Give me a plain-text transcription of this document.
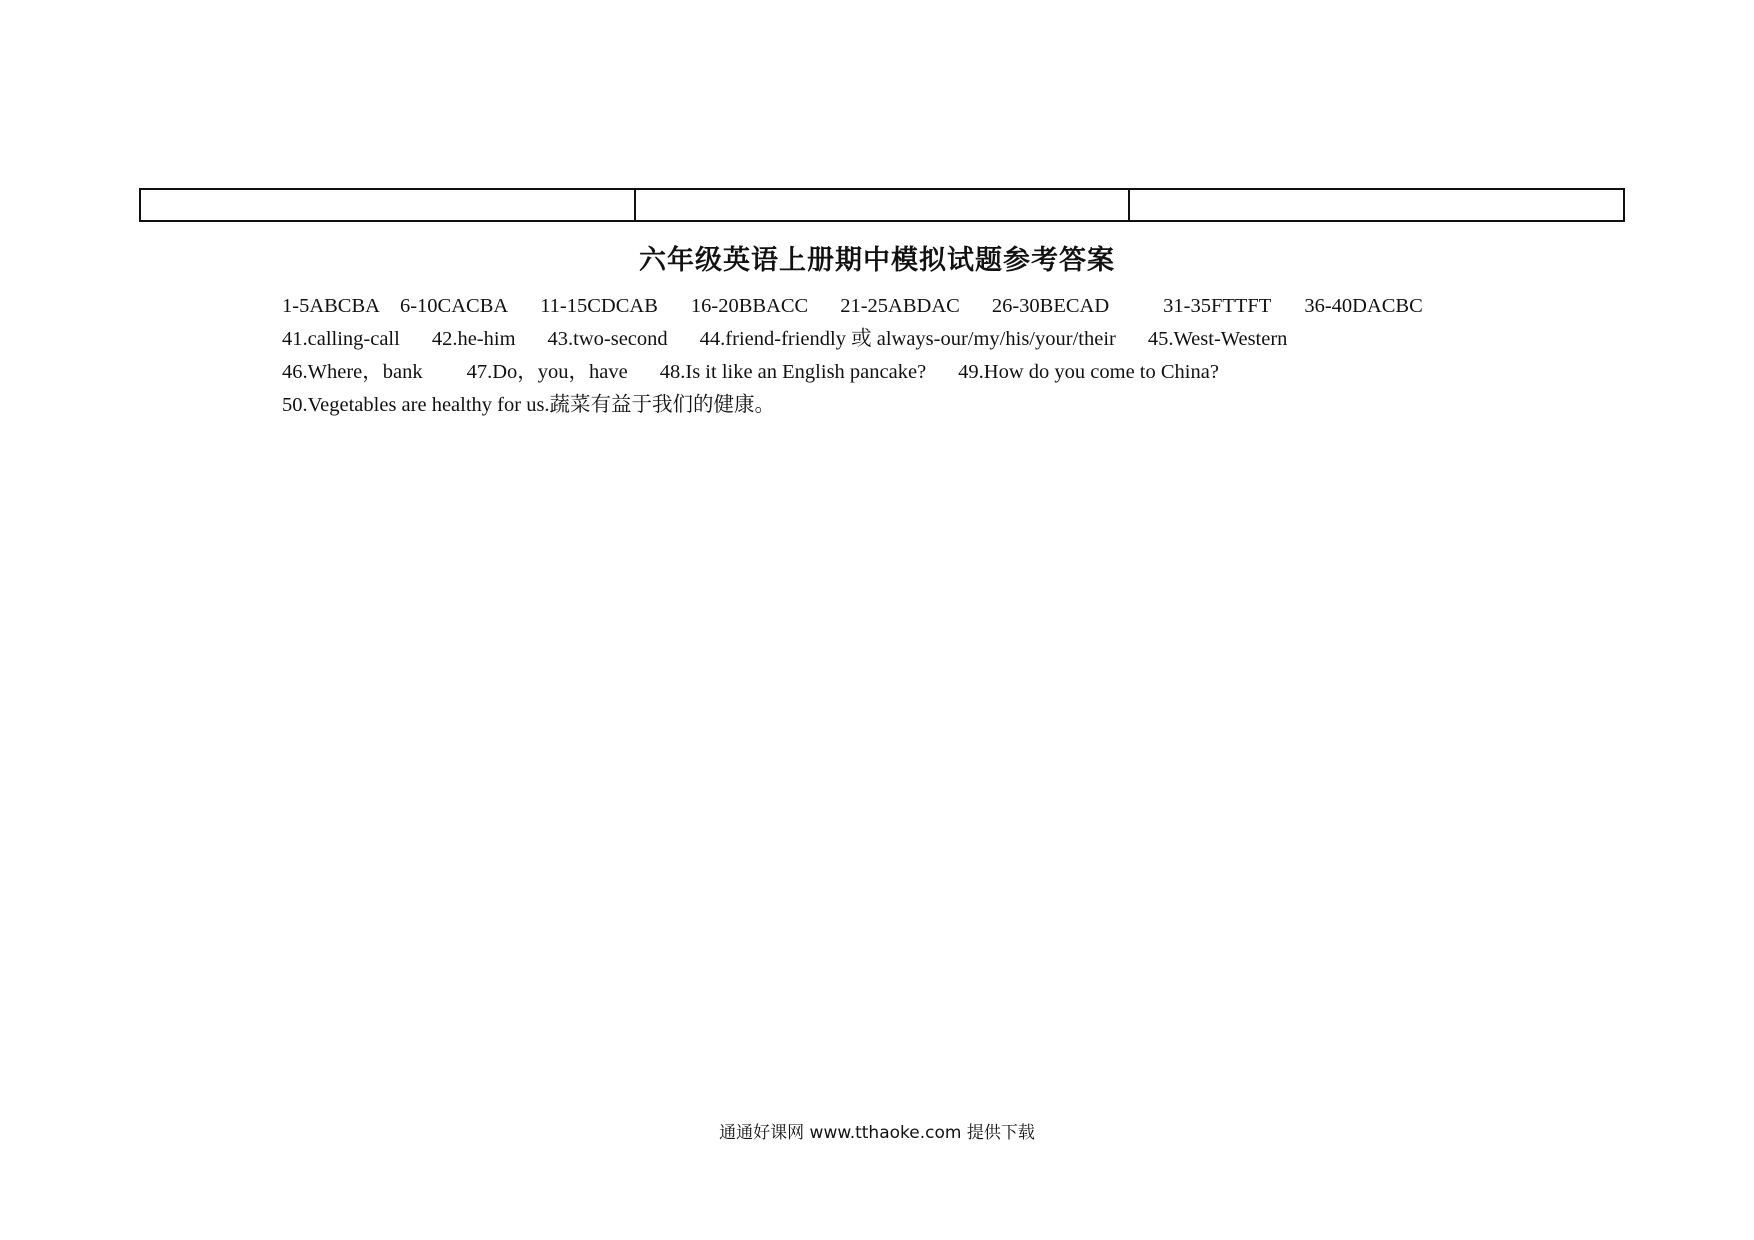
六年级英语上册期中模拟试题参考答案
1-5ABCBA 6-10CACBA 11-15CDCAB 16-20BBACC 21-25ABDAC 26-30BECAD	31-35FTTFT 36-40DACBC
41.calling-call 42.he-him 43.two-second 44.friend-friendly 或 always-our/my/his/your/their 45.West-Western
46.Where，bank 47.Do，you，have 48.Is it like an English pancake? 49.How do you come to China?
50.Vegetables are healthy for us.蔬菜有益于我们的健康。
通通好课网 www.tthaoke.com 提供下载
